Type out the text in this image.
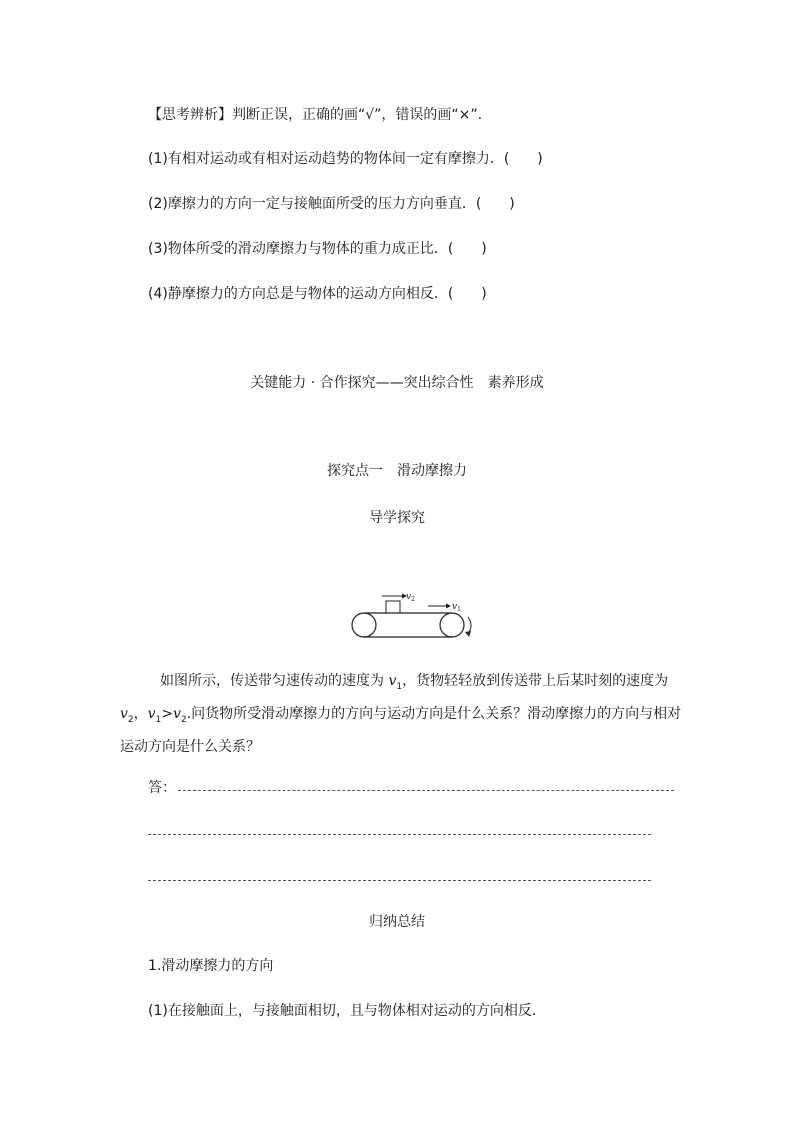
【思考辨析】判断正误，正确的画“√”，错误的画“×”.
(1)有相对运动或有相对运动趋势的物体间一定有摩擦力．(　　)
(2)摩擦力的方向一定与接触面所受的压力方向垂直．(　　)
(3)物体所受的滑动摩擦力与物体的重力成正比．(　　)
(4)静摩擦力的方向总是与物体的运动方向相反．(　　)
关键能力 · 合作探究——突出综合性　素养形成
探究点一　滑动摩擦力
导学探究
$v_2$
$v_1$
如图所示，传送带匀速传动的速度为 $v_1$，货物轻轻放到传送带上后某时刻的速度为
$v_2$，$v_1>v_2$.问货物所受滑动摩擦力的方向与运动方向是什么关系？滑动摩擦力的方向与相对
运动方向是什么关系？
答：
归纳总结
1.滑动摩擦力的方向
(1)在接触面上，与接触面相切，且与物体相对运动的方向相反．
